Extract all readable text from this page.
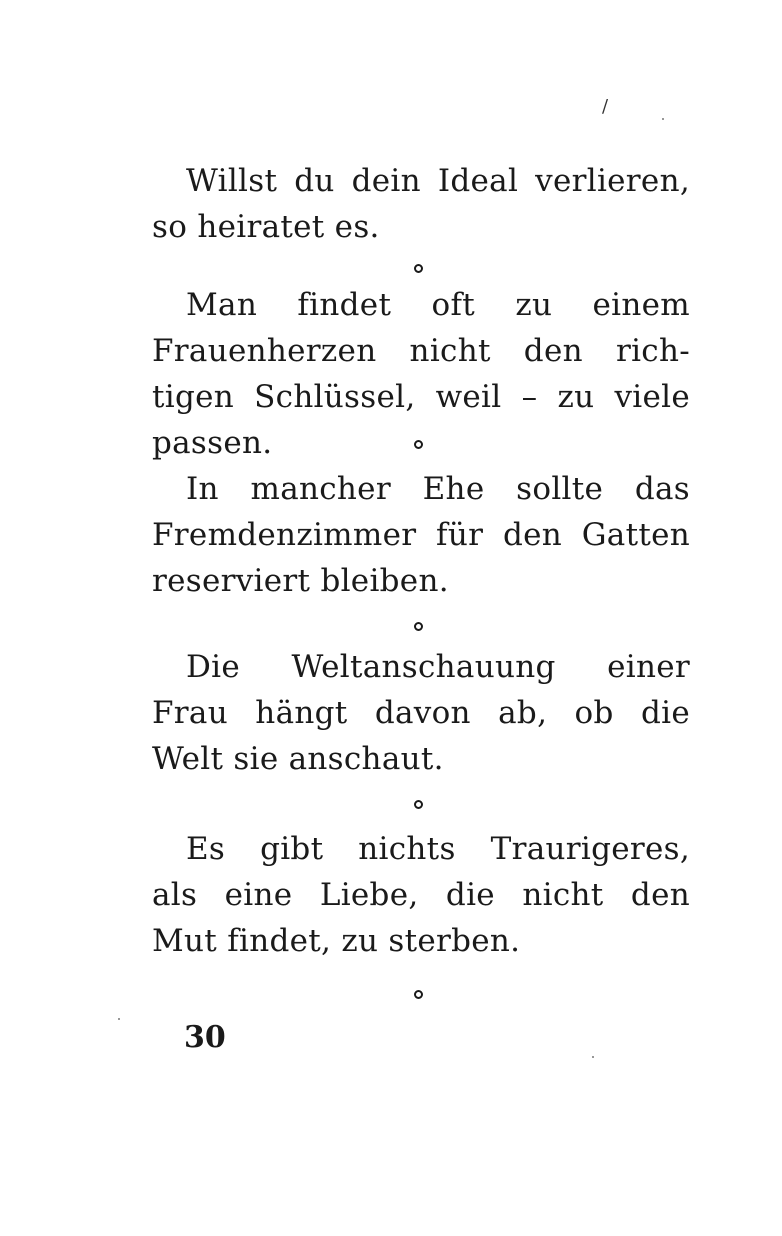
/
Willst du dein Ideal verlieren,
so heiratet es.
Man findet oft zu einem
Frauenherzen nicht den rich-
tigen Schlüssel, weil – zu viele
passen.
In mancher Ehe sollte das
Fremdenzimmer für den Gatten
reserviert bleiben.
Die Weltanschauung einer
Frau hängt davon ab, ob die
Welt sie anschaut.
Es gibt nichts Traurigeres,
als eine Liebe, die nicht den
Mut findet, zu sterben.
30
